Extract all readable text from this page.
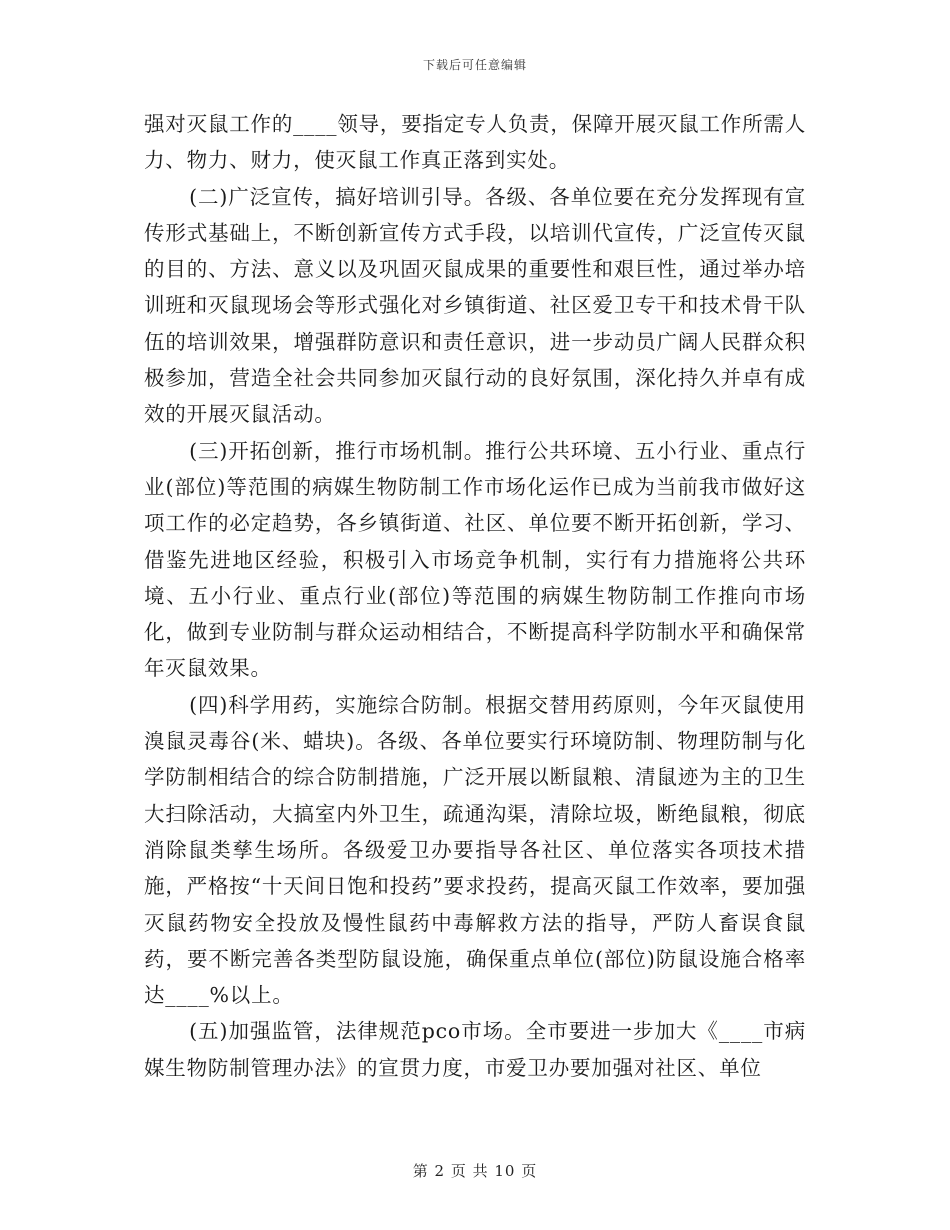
下载后可任意编辑

强对灭鼠工作的____领导，要指定专人负责，保障开展灭鼠工作所需人力、物力、财力，使灭鼠工作真正落到实处。

(二)广泛宣传，搞好培训引导。各级、各单位要在充分发挥现有宣传形式基础上，不断创新宣传方式手段，以培训代宣传，广泛宣传灭鼠的目的、方法、意义以及巩固灭鼠成果的重要性和艰巨性，通过举办培训班和灭鼠现场会等形式强化对乡镇街道、社区爱卫专干和技术骨干队伍的培训效果，增强群防意识和责任意识，进一步动员广阔人民群众积极参加，营造全社会共同参加灭鼠行动的良好氛围，深化持久并卓有成效的开展灭鼠活动。

(三)开拓创新，推行市场机制。推行公共环境、五小行业、重点行业(部位)等范围的病媒生物防制工作市场化运作已成为当前我市做好这项工作的必定趋势，各乡镇街道、社区、单位要不断开拓创新，学习、借鉴先进地区经验，积极引入市场竞争机制，实行有力措施将公共环境、五小行业、重点行业(部位)等范围的病媒生物防制工作推向市场化，做到专业防制与群众运动相结合，不断提高科学防制水平和确保常年灭鼠效果。

(四)科学用药，实施综合防制。根据交替用药原则，今年灭鼠使用溴鼠灵毒谷(米、蜡块)。各级、各单位要实行环境防制、物理防制与化学防制相结合的综合防制措施，广泛开展以断鼠粮、清鼠迹为主的卫生大扫除活动，大搞室内外卫生，疏通沟渠，清除垃圾，断绝鼠粮，彻底消除鼠类孳生场所。各级爱卫办要指导各社区、单位落实各项技术措施，严格按“十天间日饱和投药”要求投药，提高灭鼠工作效率，要加强灭鼠药物安全投放及慢性鼠药中毒解救方法的指导，严防人畜误食鼠药，要不断完善各类型防鼠设施，确保重点单位(部位)防鼠设施合格率达____%以上。

(五)加强监管，法律规范pco市场。全市要进一步加大《____市病媒生物防制管理办法》的宣贯力度，市爱卫办要加强对社区、单位

第 2 页 共 10 页
